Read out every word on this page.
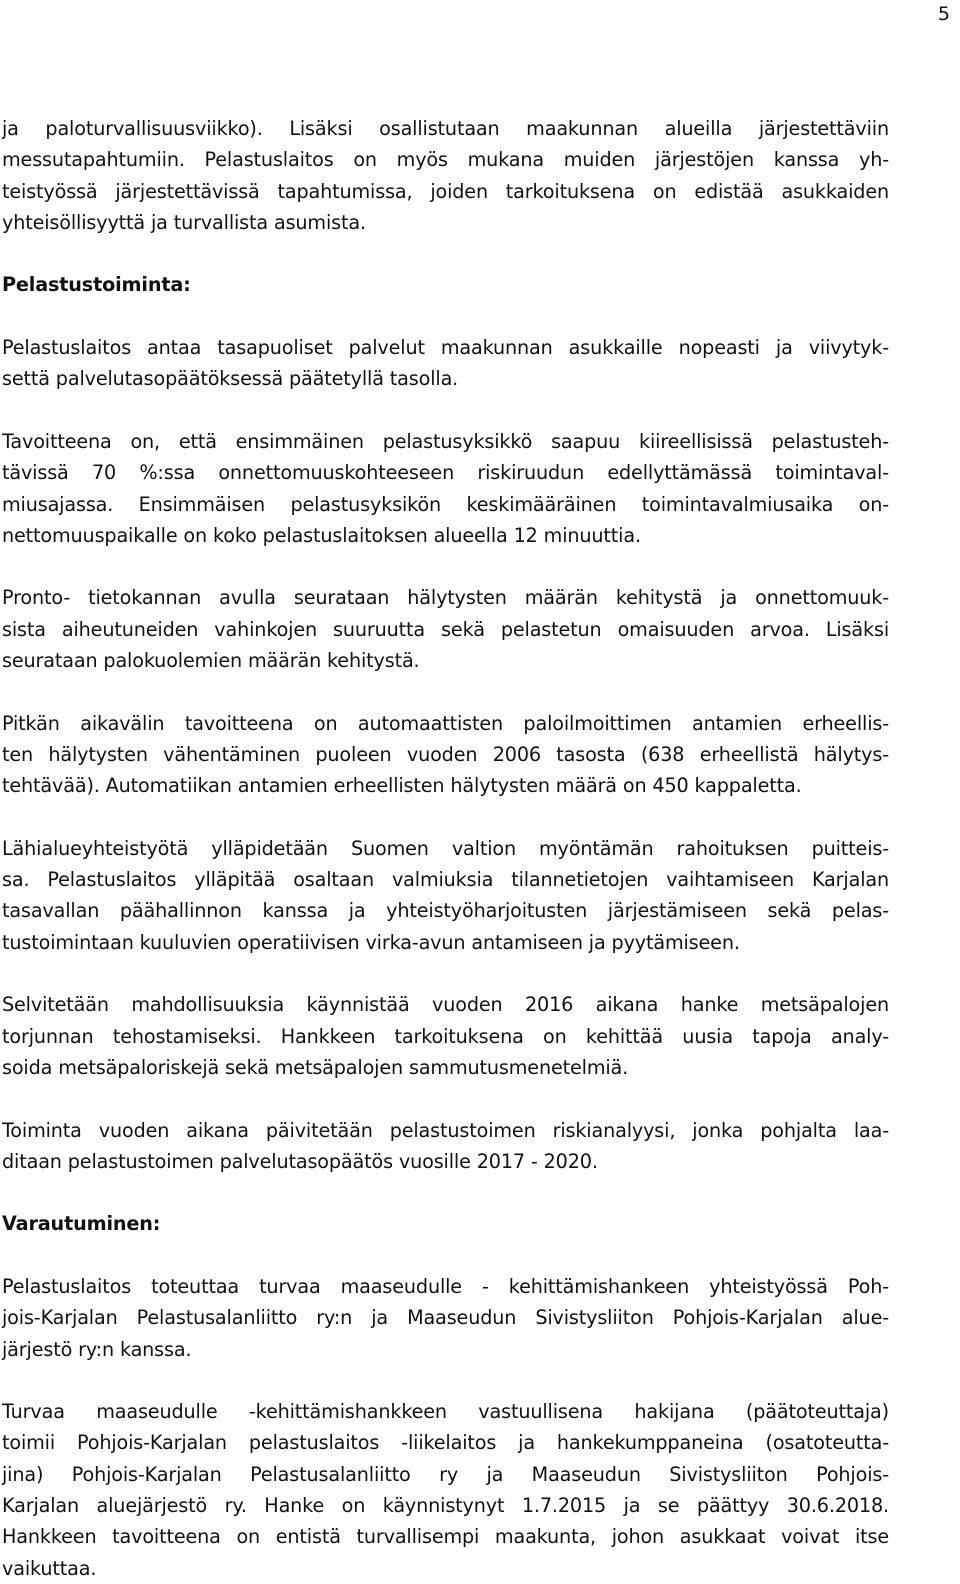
5
ja paloturvallisuusviikko). Lisäksi osallistutaan maakunnan alueilla järjestettäviin
messutapahtumiin. Pelastuslaitos on myös mukana muiden järjestöjen kanssa yh-
teistyössä järjestettävissä tapahtumissa, joiden tarkoituksena on edistää asukkaiden
yhteisöllisyyttä ja turvallista asumista.
Pelastustoiminta:
Pelastuslaitos antaa tasapuoliset palvelut maakunnan asukkaille nopeasti ja viivytyk-
settä palvelutasopäätöksessä päätetyllä tasolla.
Tavoitteena on, että ensimmäinen pelastusyksikkö saapuu kiireellisissä pelastusteh-
tävissä 70 %:ssa onnettomuuskohteeseen riskiruudun edellyttämässä toimintaval-
miusajassa. Ensimmäisen pelastusyksikön keskimääräinen toimintavalmiusaika on-
nettomuuspaikalle on koko pelastuslaitoksen alueella 12 minuuttia.
Pronto- tietokannan avulla seurataan hälytysten määrän kehitystä ja onnettomuuk-
sista aiheutuneiden vahinkojen suuruutta sekä pelastetun omaisuuden arvoa. Lisäksi
seurataan palokuolemien määrän kehitystä.
Pitkän aikavälin tavoitteena on automaattisten paloilmoittimen antamien erheellis-
ten hälytysten vähentäminen puoleen vuoden 2006 tasosta (638 erheellistä hälytys-
tehtävää). Automatiikan antamien erheellisten hälytysten määrä on 450 kappaletta.
Lähialueyhteistyötä ylläpidetään Suomen valtion myöntämän rahoituksen puitteis-
sa. Pelastuslaitos ylläpitää osaltaan valmiuksia tilannetietojen vaihtamiseen Karjalan
tasavallan päähallinnon kanssa ja yhteistyöharjoitusten järjestämiseen sekä pelas-
tustoimintaan kuuluvien operatiivisen virka-avun antamiseen ja pyytämiseen.
Selvitetään mahdollisuuksia käynnistää vuoden 2016 aikana hanke metsäpalojen
torjunnan tehostamiseksi. Hankkeen tarkoituksena on kehittää uusia tapoja analy-
soida metsäpaloriskejä sekä metsäpalojen sammutusmenetelmiä.
Toiminta vuoden aikana päivitetään pelastustoimen riskianalyysi, jonka pohjalta laa-
ditaan pelastustoimen palvelutasopäätös vuosille 2017 - 2020.
Varautuminen:
Pelastuslaitos toteuttaa turvaa maaseudulle - kehittämishankeen yhteistyössä Poh-
jois-Karjalan Pelastusalanliitto ry:n ja Maaseudun Sivistysliiton Pohjois-Karjalan alue-
järjestö ry:n kanssa.
Turvaa maaseudulle -kehittämishankkeen vastuullisena hakijana (päätoteuttaja)
toimii Pohjois-Karjalan pelastuslaitos -liikelaitos ja hankekumppaneina (osatoteutta-
jina) Pohjois-Karjalan Pelastusalanliitto ry ja Maaseudun Sivistysliiton Pohjois-
Karjalan aluejärjestö ry. Hanke on käynnistynyt 1.7.2015 ja se päättyy 30.6.2018.
Hankkeen tavoitteena on entistä turvallisempi maakunta, johon asukkaat voivat itse
vaikuttaa.
